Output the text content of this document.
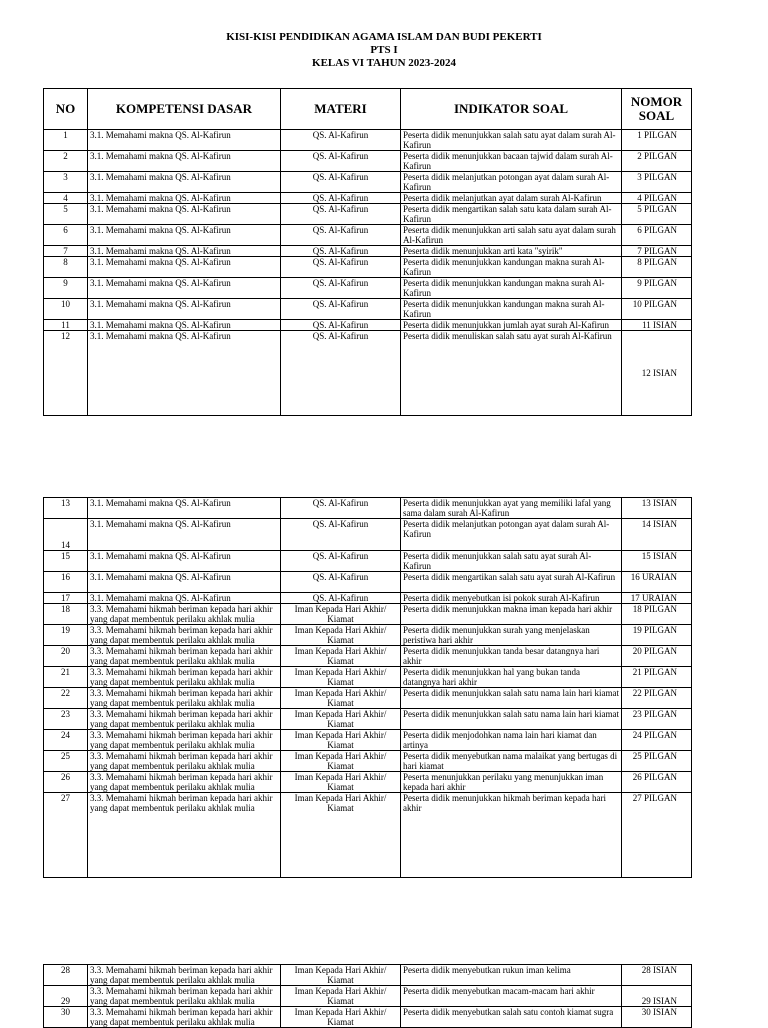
KISI-KISI PENDIDIKAN AGAMA ISLAM DAN BUDI PEKERTI
PTS I
KELAS VI TAHUN 2023-2024
NO	KOMPETENSI DASAR	MATERI	INDIKATOR SOAL	NOMOR SOAL
1	3.1. Memahami makna QS. Al-Kafirun	QS. Al-Kafirun	Peserta didik menunjukkan salah satu ayat dalam surah Al-Kafirun	1 PILGAN
2	3.1. Memahami makna QS. Al-Kafirun	QS. Al-Kafirun	Peserta didik menunjukkan bacaan tajwid dalam surah Al-Kafirun	2 PILGAN
3	3.1. Memahami makna QS. Al-Kafirun	QS. Al-Kafirun	Peserta didik melanjutkan potongan ayat dalam surah Al-Kafirun	3 PILGAN
4	3.1. Memahami makna QS. Al-Kafirun	QS. Al-Kafirun	Peserta didik melanjutkan ayat dalam surah Al-Kafirun	4 PILGAN
5	3.1. Memahami makna QS. Al-Kafirun	QS. Al-Kafirun	Peserta didik mengartikan salah satu kata dalam surah Al-Kafirun	5 PILGAN
6	3.1. Memahami makna QS. Al-Kafirun	QS. Al-Kafirun	Peserta didik menunjukkan arti salah satu ayat dalam surah Al-Kafirun	6 PILGAN
7	3.1. Memahami makna QS. Al-Kafirun	QS. Al-Kafirun	Peserta didik menunjukkan arti kata "syirik"	7 PILGAN
8	3.1. Memahami makna QS. Al-Kafirun	QS. Al-Kafirun	Peserta didik menunjukkan kandungan makna surah Al-Kafirun	8 PILGAN
9	3.1. Memahami makna QS. Al-Kafirun	QS. Al-Kafirun	Peserta didik menunjukkan kandungan makna surah Al-Kafirun	9 PILGAN
10	3.1. Memahami makna QS. Al-Kafirun	QS. Al-Kafirun	Peserta didik menunjukkan kandungan makna surah Al-Kafirun	10 PILGAN
11	3.1. Memahami makna QS. Al-Kafirun	QS. Al-Kafirun	Peserta didik menunjukkan jumlah ayat surah Al-Kafirun	11 ISIAN
12	3.1. Memahami makna QS. Al-Kafirun	QS. Al-Kafirun	Peserta didik menuliskan salah satu ayat surah Al-Kafirun	12 ISIAN
13	3.1. Memahami makna QS. Al-Kafirun	QS. Al-Kafirun	Peserta didik menunjukkan ayat yang memiliki lafal yang sama dalam surah Al-Kafirun	13 ISIAN
14	3.1. Memahami makna QS. Al-Kafirun	QS. Al-Kafirun	Peserta didik melanjutkan potongan ayat dalam surah Al-Kafirun	14 ISIAN
15	3.1. Memahami makna QS. Al-Kafirun	QS. Al-Kafirun	Peserta didik menunjukkan salah satu ayat surah Al-Kafirun	15 ISIAN
16	3.1. Memahami makna QS. Al-Kafirun	QS. Al-Kafirun	Peserta didik mengartikan salah satu ayat surah Al-Kafirun	16 URAIAN
17	3.1. Memahami makna QS. Al-Kafirun	QS. Al-Kafirun	Peserta didik menyebutkan isi pokok surah Al-Kafirun	17 URAIAN
18	3.3. Memahami hikmah beriman kepada hari akhir yang dapat membentuk perilaku akhlak mulia	Iman Kepada Hari Akhir/ Kiamat	Peserta didik menunjukkan makna iman kepada hari akhir	18 PILGAN
19	3.3. Memahami hikmah beriman kepada hari akhir yang dapat membentuk perilaku akhlak mulia	Iman Kepada Hari Akhir/ Kiamat	Peserta didik menunjukkan surah yang menjelaskan peristiwa hari akhir	19 PILGAN
20	3.3. Memahami hikmah beriman kepada hari akhir yang dapat membentuk perilaku akhlak mulia	Iman Kepada Hari Akhir/ Kiamat	Peserta didik menunjukkan tanda besar datangnya hari akhir	20 PILGAN
21	3.3. Memahami hikmah beriman kepada hari akhir yang dapat membentuk perilaku akhlak mulia	Iman Kepada Hari Akhir/ Kiamat	Peserta didik menunjukkan hal yang bukan tanda datangnya hari akhir	21 PILGAN
22	3.3. Memahami hikmah beriman kepada hari akhir yang dapat membentuk perilaku akhlak mulia	Iman Kepada Hari Akhir/ Kiamat	Peserta didik menunjukkan salah satu nama lain hari kiamat	22 PILGAN
23	3.3. Memahami hikmah beriman kepada hari akhir yang dapat membentuk perilaku akhlak mulia	Iman Kepada Hari Akhir/ Kiamat	Peserta didik menunjukkan salah satu nama lain hari kiamat	23 PILGAN
24	3.3. Memahami hikmah beriman kepada hari akhir yang dapat membentuk perilaku akhlak mulia	Iman Kepada Hari Akhir/ Kiamat	Peserta didik menjodohkan nama lain hari kiamat dan artinya	24 PILGAN
25	3.3. Memahami hikmah beriman kepada hari akhir yang dapat membentuk perilaku akhlak mulia	Iman Kepada Hari Akhir/ Kiamat	Peserta didik menyebutkan nama malaikat yang bertugas di hari kiamat	25 PILGAN
26	3.3. Memahami hikmah beriman kepada hari akhir yang dapat membentuk perilaku akhlak mulia	Iman Kepada Hari Akhir/ Kiamat	Peserta menunjukkan perilaku yang menunjukkan iman kepada hari akhir	26 PILGAN
27	3.3. Memahami hikmah beriman kepada hari akhir yang dapat membentuk perilaku akhlak mulia	Iman Kepada Hari Akhir/ Kiamat	Peserta didik menunjukkan hikmah beriman kepada hari akhir	27 PILGAN
28	3.3. Memahami hikmah beriman kepada hari akhir yang dapat membentuk perilaku akhlak mulia	Iman Kepada Hari Akhir/ Kiamat	Peserta didik menyebutkan rukun iman kelima	28 ISIAN
29	3.3. Memahami hikmah beriman kepada hari akhir yang dapat membentuk perilaku akhlak mulia	Iman Kepada Hari Akhir/ Kiamat	Peserta didik menyebutkan macam-macam hari akhir	29 ISIAN
30	3.3. Memahami hikmah beriman kepada hari akhir yang dapat membentuk perilaku akhlak mulia	Iman Kepada Hari Akhir/ Kiamat	Peserta didik menyebutkan salah satu contoh kiamat sugra	30 ISIAN
